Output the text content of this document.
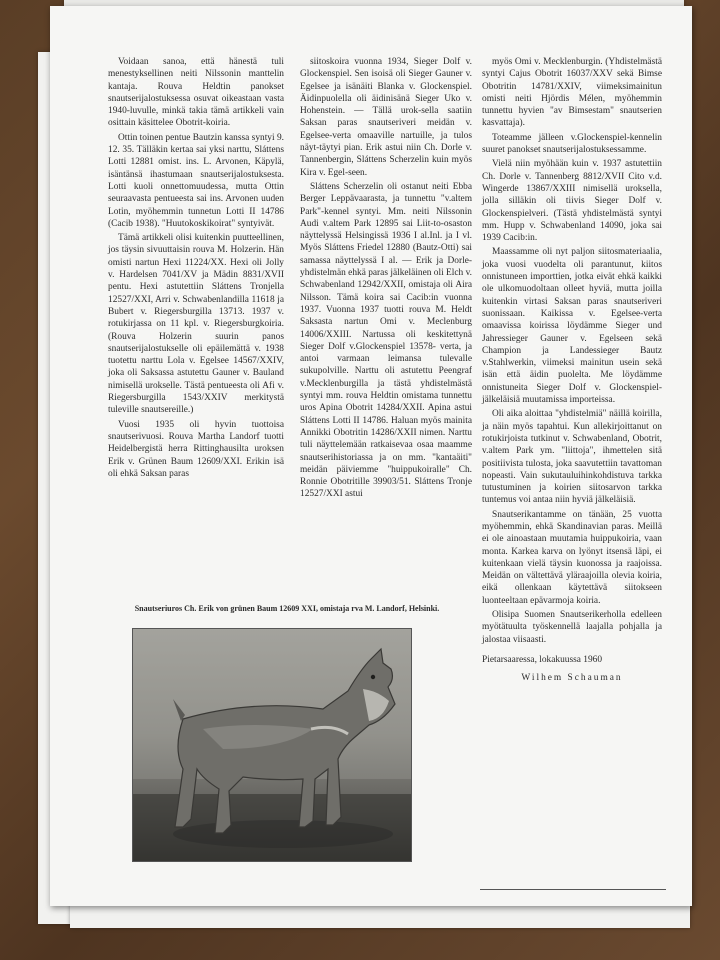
Voidaan sanoa, että hänestä tuli menestyksellinen neiti Nilssonin manttelin kantaja. Rouva Heldtin panokset snautserijalostuksessa osuvat oikeastaan vasta 1940-luvulle, minkä takia tämä artikkeli vain osittain käsittelee Obotrit-koiria.

Ottin toinen pentue Bautzin kanssa syntyi 9. 12. 35. Tälläkin kertaa sai yksi narttu, Sláttens Lotti 12881 omist. ins. L. Arvonen, Käpylä, isäntänsä ihastumaan snautserijalostuksesta. Lotti kuoli onnettomuudessa, mutta Ottin seuraavasta pentueesta sai ins. Arvonen uuden Lotin, myöhemmin tunnetun Lotti II 14786 (Cacib 1938). "Huutokoskikoirat" syntyivät.

Tämä artikkeli olisi kuitenkin puutteellinen, jos täysin sivuuttaisin rouva M. Holzerin. Hän omisti nartun Hexi 11224/XX. Hexi oli Jolly v. Hardelsen 7041/XV ja Mädin 8831/XVII pentu. Hexi astutettiin Sláttens Tronjella 12527/XXI, Arri v. Schwabenlandilla 11618 ja Bubert v. Riegersburgilla 13713. 1937 v. rotukirjassa on 11 kpl. v. Riegersburgkoiria. (Rouva Holzerin suurin panos snautserijalostukselle oli epäilemättä v. 1938 tuotettu narttu Lola v. Egelsee 14567/XXIV, joka oli Saksassa astutettu Gauner v. Bauland nimisellä urokselle. Tästä pentueesta oli Afi v. Riegersburgilla 1543/XXIV merkitystä tuleville snautsereille.)

Vuosi 1935 oli hyvin tuottoisa snautserivuosi. Rouva Martha Landorf tuotti Heidelbergistä herra Rittinghausilta uroksen Erik v. Grünen Baum 12609/XXI. Erikin isä oli ehkä Saksan paras

siitoskoira vuonna 1934, Sieger Dolf v. Glockenspiel. Sen isoisä oli Sieger Gauner v. Egelsee ja isänäiti Blanka v. Glockenspiel. Äidinpuolella oli äidinisänä Sieger Uko v. Hohenstein. — Tällä urok-sella saatiin Saksan paras snautseriveri meidän v. Egelsee-verta omaaville nartuille, ja tulos näyt-täytyi pian. Erik astui niin Ch. Dorle v. Tannenbergin, Sláttens Scherzelin kuin myös Kira v. Egel-seen.

Sláttens Scherzelin oli ostanut neiti Ebba Berger Leppävaarasta, ja tunnettu "v.altem Park"-kennel syntyi. Mm. neiti Nilssonin Audi v.altem Park 12895 sai Liit-to-osaston näyttelyssä Helsingissä 1936 I al.Inl. ja I vl. Myös Sláttens Friedel 12880 (Bautz-Otti) sai samassa näyttelyssä I al. — Erik ja Dorle-yhdistelmän ehkä paras jälkeläinen oli Elch v. Schwabenland 12942/XXII, omistaja oli Aira Nilsson. Tämä koira sai Cacib:in vuonna 1937. Vuonna 1937 tuotti rouva M. Heldt Saksasta nartun Omi v. Meclenburg 14006/XXIII. Nartussa oli keskitettynä Sieger Dolf v.Glockenspiel 13578- verta, ja antoi varmaan leimansa tulevalle sukupolville. Narttu oli astutettu Peengraf v.Mecklenburgilla ja tästä yhdistelmästä syntyi mm. rouva Heldtin omistama tunnettu uros Apina Obotrit 14284/XXII. Apina astui Sláttens Lotti II 14786. Haluan myös mainita Annikki Obotritin 14286/XXII nimen. Narttu tuli näyttelemään ratkaisevaa osaa maamme snautserihistoriassa ja on mm. "kantaäiti" meidän päiviemme "huippukoiralle" Ch. Ronnie Obotritille 39903/51. Sláttens Tronje 12527/XXI astui

myös Omi v. Mecklenburgin. (Yhdistelmästä syntyi Cajus Obotrit 16037/XXV sekä Bimse Obotritin 14781/XXIV, viimeksimainitun omisti neiti Hjördis Mélen, myöhemmin tunnettu hyvien "av Bimsestam" snautserien kasvattaja).

Toteamme jälleen v.Glockenspiel-kennelin suuret panokset snautserijalostuksessamme.

Vielä niin myöhään kuin v. 1937 astutettiin Ch. Dorle v. Tannenberg 8812/XVII Cito v.d. Wingerde 13867/XXIII nimisellä uroksella, jolla silläkin oli tiivis Sieger Dolf v. Glockenspielveri. (Tästä yhdistelmästä syntyi mm. Hupp v. Schwabenland 14090, joka sai 1939 Cacib:in.

Maassamme oli nyt paljon siitosmateriaalia, joka vuosi vuodelta oli parantunut, kiitos onnistuneen importtien, jotka eivät ehkä kaikki ole ulkomuodoltaan olleet hyviä, mutta joilla kuitenkin virtasi Saksan paras snautseriveri suonissaan. Kaikissa v. Egelsee-verta omaavissa koirissa löydämme Sieger und Jahressieger Gauner v. Egelseen sekä Champion ja Landessieger Bautz v.Stahlwerkin, viimeksi mainitun usein sekä isän että äidin puolelta. Me löydämme onnistuneita Sieger Dolf v. Glockenspiel-jälkeläisiä muutamissa importeissa.

Oli aika aloittaa "yhdistelmiä" näillä koirilla, ja näin myös tapahtui. Kun allekirjoittanut on rotukirjoista tutkinut v. Schwabenland, Obotrit, v.altem Park ym. "liittoja", ihmettelen sitä positiivista tulosta, joka saavutettiin tavattoman nopeasti. Vain sukutauluihinkohdistuva tarkka tutustuminen ja koirien siitosarvon tarkka tuntemus voi antaa niin hyviä jälkeläisiä.

Snautserikantamme on tänään, 25 vuotta myöhemmin, ehkä Skandinavian paras. Meillä ei ole ainoastaan muutamia huippukoiria, vaan monta. Karkea karva on lyönyt itsensä läpi, ei kuitenkaan vielä täysin kuonossa ja raajoissa. Meidän on vältettävä yläraajoilla olevia koiria, eikä ollenkaan käytettävä siitokseen luonteeltaan epävarmoja koiria.

Olisipa Suomen Snautserikerholla edelleen myötätuulta työskennellä laajalla pohjalla ja jalostaa viisaasti.

Pietarsaaressa, lokakuussa 1960

Wilhem Schauman

Snautseriuros Ch. Erik von grünen Baum 12609 XXI, omistaja rva M. Landorf, Helsinki.
